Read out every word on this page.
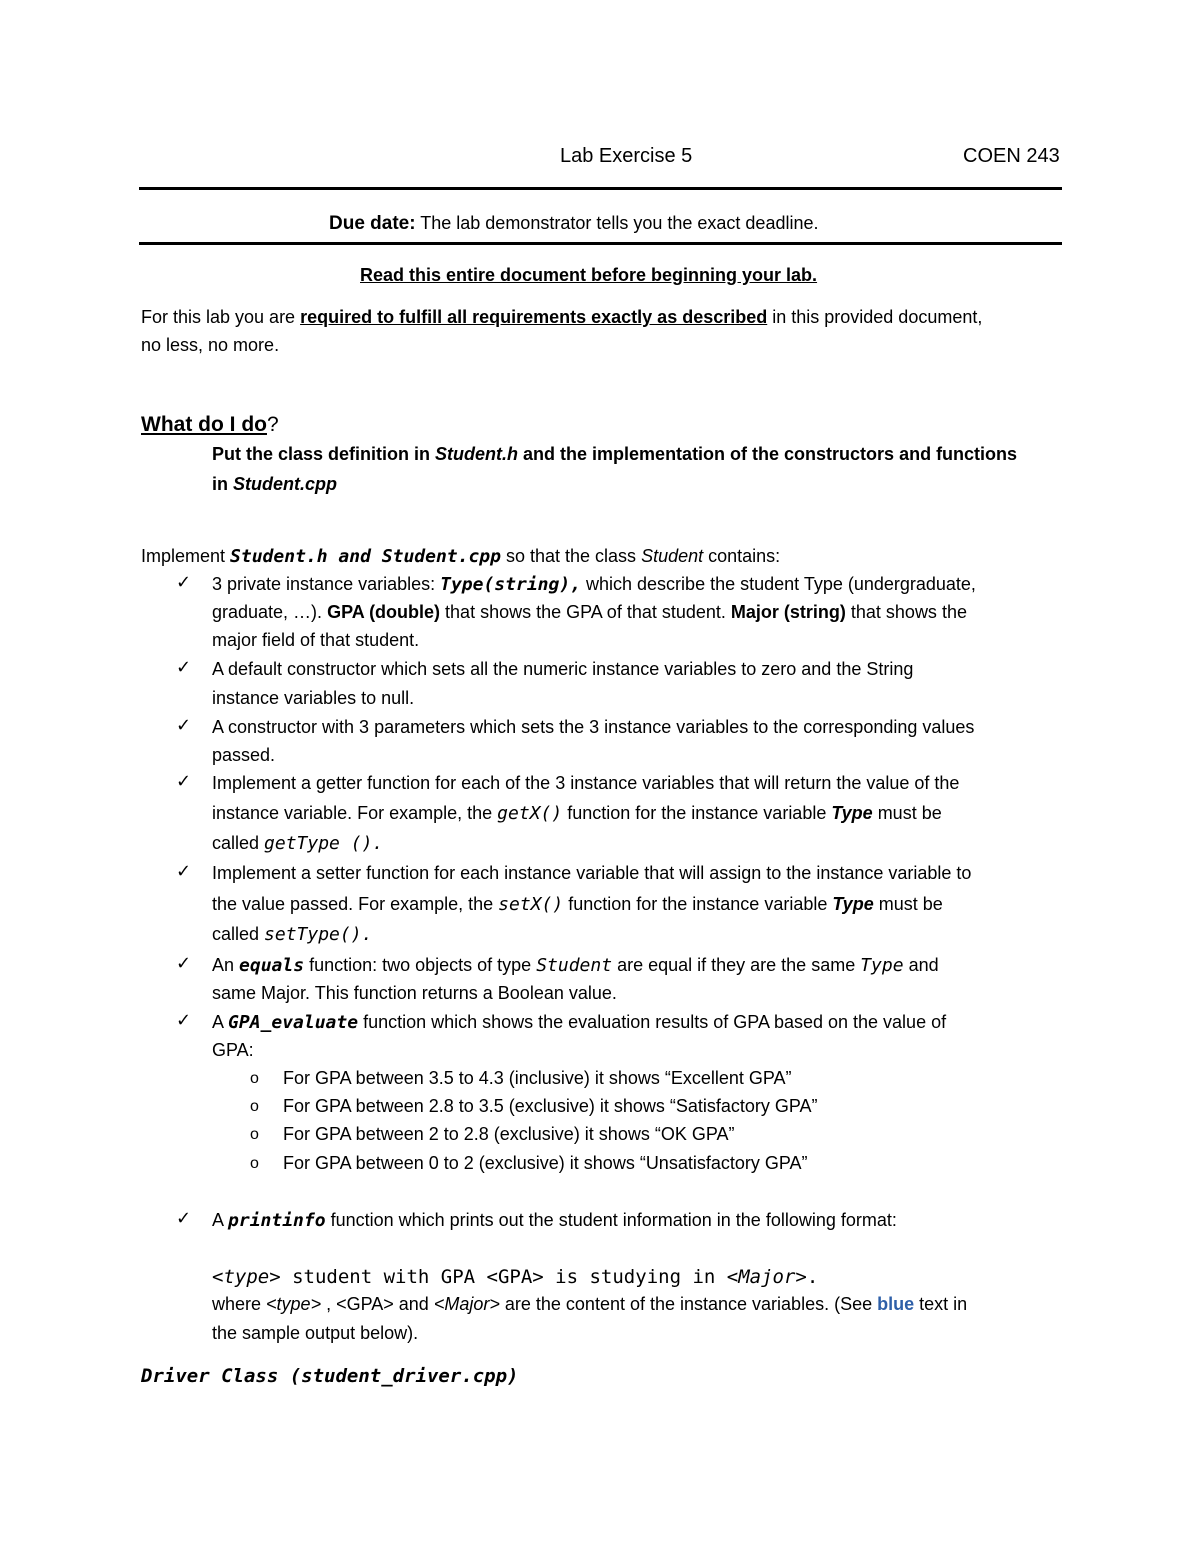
Lab Exercise 5	COEN 243
Due date: The lab demonstrator tells you the exact deadline.
Read this entire document before beginning your lab.
For this lab you are required to fulfill all requirements exactly as described in this provided document,
no less, no more.
What do I do?
Put the class definition in Student.h and the implementation of the constructors and functions
in Student.cpp
Implement Student.h and Student.cpp so that the class Student contains:
✓ 3 private instance variables: Type(string), which describe the student Type (undergraduate,
graduate, …). GPA (double) that shows the GPA of that student. Major (string) that shows the
major field of that student.
✓ A default constructor which sets all the numeric instance variables to zero and the String
instance variables to null.
✓ A constructor with 3 parameters which sets the 3 instance variables to the corresponding values
passed.
✓ Implement a getter function for each of the 3 instance variables that will return the value of the
instance variable. For example, the getX() function for the instance variable Type must be
called getType ().
✓ Implement a setter function for each instance variable that will assign to the instance variable to
the value passed. For example, the setX() function for the instance variable Type must be
called setType().
✓ An equals function: two objects of type Student are equal if they are the same Type and
same Major. This function returns a Boolean value.
✓ A GPA_evaluate function which shows the evaluation results of GPA based on the value of
GPA:
o For GPA between 3.5 to 4.3 (inclusive) it shows “Excellent GPA”
o For GPA between 2.8 to 3.5 (exclusive) it shows “Satisfactory GPA”
o For GPA between 2 to 2.8 (exclusive) it shows “OK GPA”
o For GPA between 0 to 2 (exclusive) it shows “Unsatisfactory GPA”
✓ A printinfo function which prints out the student information in the following format:
<type> student with GPA <GPA> is studying in <Major>.
where <type> , <GPA> and <Major> are the content of the instance variables. (See blue text in
the sample output below).
Driver Class (student_driver.cpp)
